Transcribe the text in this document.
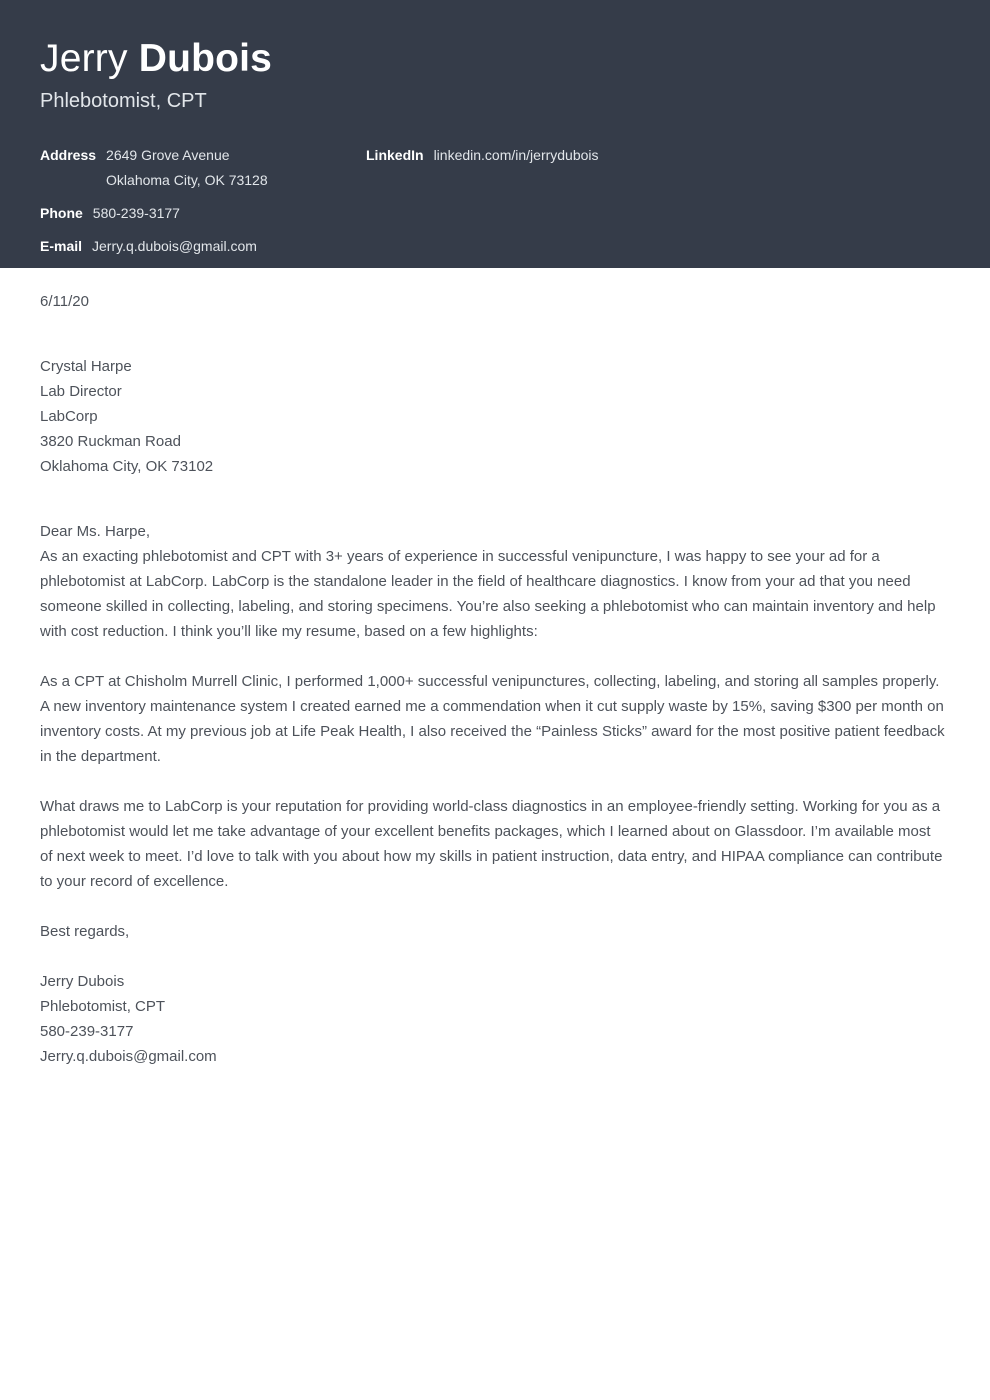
Jerry Dubois
Phlebotomist, CPT
Address 2649 Grove Avenue
Oklahoma City, OK 73128
Phone 580-239-3177
E-mail Jerry.q.dubois@gmail.com
LinkedIn linkedin.com/in/jerrydubois
6/11/20
Crystal Harpe
Lab Director
LabCorp
3820 Ruckman Road
Oklahoma City, OK 73102
Dear Ms. Harpe,

As an exacting phlebotomist and CPT with 3+ years of experience in successful venipuncture, I was happy to see your ad for a phlebotomist at LabCorp. LabCorp is the standalone leader in the field of healthcare diagnostics. I know from your ad that you need someone skilled in collecting, labeling, and storing specimens. You’re also seeking a phlebotomist who can maintain inventory and help with cost reduction. I think you’ll like my resume, based on a few highlights:

As a CPT at Chisholm Murrell Clinic, I performed 1,000+ successful venipunctures, collecting, labeling, and storing all samples properly. A new inventory maintenance system I created earned me a commendation when it cut supply waste by 15%, saving $300 per month on inventory costs. At my previous job at Life Peak Health, I also received the “Painless Sticks” award for the most positive patient feedback in the department.

What draws me to LabCorp is your reputation for providing world-class diagnostics in an employee-friendly setting. Working for you as a phlebotomist would let me take advantage of your excellent benefits packages, which I learned about on Glassdoor. I’m available most of next week to meet. I’d love to talk with you about how my skills in patient instruction, data entry, and HIPAA compliance can contribute to your record of excellence.

Best regards,
Jerry Dubois
Phlebotomist, CPT
580-239-3177
Jerry.q.dubois@gmail.com
